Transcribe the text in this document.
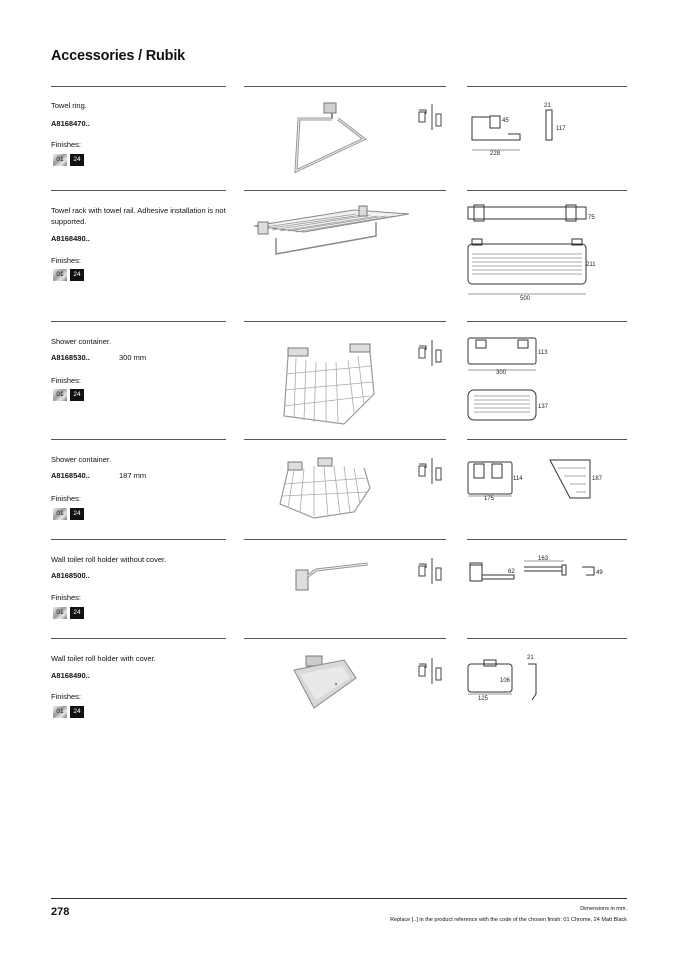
Accessories / Rubik
Towel ring.
A8168470..
Finishes:
01	24
228
45
21
117
Towel rack with towel rail. Adhesive installation is not supported.
A8168480..
Finishes:
01	24
75
211
500
Shower container.
A8168530..	300 mm
Finishes:
01	24
113
300
137
Shower container.
A8168540..	187 mm
Finishes:
01	24
114
175
187
Wall toilet roll holder without cover.
A8168500..
Finishes:
01	24
62
163
49
Wall toilet roll holder with cover.
A8168490..
Finishes:
01	24
106
125
21
278	Dimensions in mm.
Replace [..] in the product reference with the code of the chosen finish: 01 Chrome, 24 Matt Black
